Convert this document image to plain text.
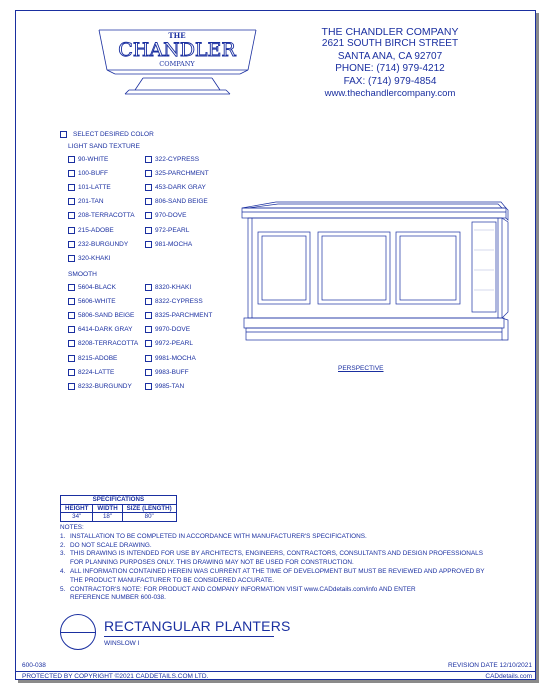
THE
CHANDLER
COMPANY
THE CHANDLER COMPANY
2621 SOUTH BIRCH STREET
SANTA ANA, CA 92707
PHONE: (714) 979-4212
FAX: (714) 979-4854
www.thechandlercompany.com
SELECT DESIRED COLOR
LIGHT SAND TEXTURE
90-WHITE
100-BUFF
101-LATTE
201-TAN
208-TERRACOTTA
215-ADOBE
232-BURGUNDY
320-KHAKI
322-CYPRESS
325-PARCHMENT
453-DARK GRAY
806-SAND BEIGE
970-DOVE
972-PEARL
981-MOCHA
SMOOTH
5604-BLACK
5606-WHITE
5806-SAND BEIGE
6414-DARK GRAY
8208-TERRACOTTA
8215-ADOBE
8224-LATTE
8232-BURGUNDY
8320-KHAKI
8322-CYPRESS
8325-PARCHMENT
9970-DOVE
9972-PEARL
9981-MOCHA
9983-BUFF
9985-TAN
PERSPECTIVE
SPECIFICATIONS		
HEIGHT	WIDTH	SIZE (LENGTH)
34"	18"	80"
NOTES:
1. INSTALLATION TO BE COMPLETED IN ACCORDANCE WITH MANUFACTURER'S SPECIFICATIONS.
2. DO NOT SCALE DRAWING.
3. THIS DRAWING IS INTENDED FOR USE BY ARCHITECTS, ENGINEERS, CONTRACTORS, CONSULTANTS AND DESIGN PROFESSIONALS
FOR PLANNING PURPOSES ONLY. THIS DRAWING MAY NOT BE USED FOR CONSTRUCTION.
4. ALL INFORMATION CONTAINED HEREIN WAS CURRENT AT THE TIME OF DEVELOPMENT BUT MUST BE REVIEWED AND APPROVED BY
THE PRODUCT MANUFACTURER TO BE CONSIDERED ACCURATE.
5. CONTRACTOR'S NOTE: FOR PRODUCT AND COMPANY INFORMATION VISIT www.CADdetails.com/info AND ENTER
REFERENCE NUMBER 600-038.
RECTANGULAR PLANTERS
WINSLOW I
600-038	REVISION DATE 12/10/2021
PROTECTED BY COPYRIGHT ©2021 CADDETAILS.COM LTD.	CADdetails.com
